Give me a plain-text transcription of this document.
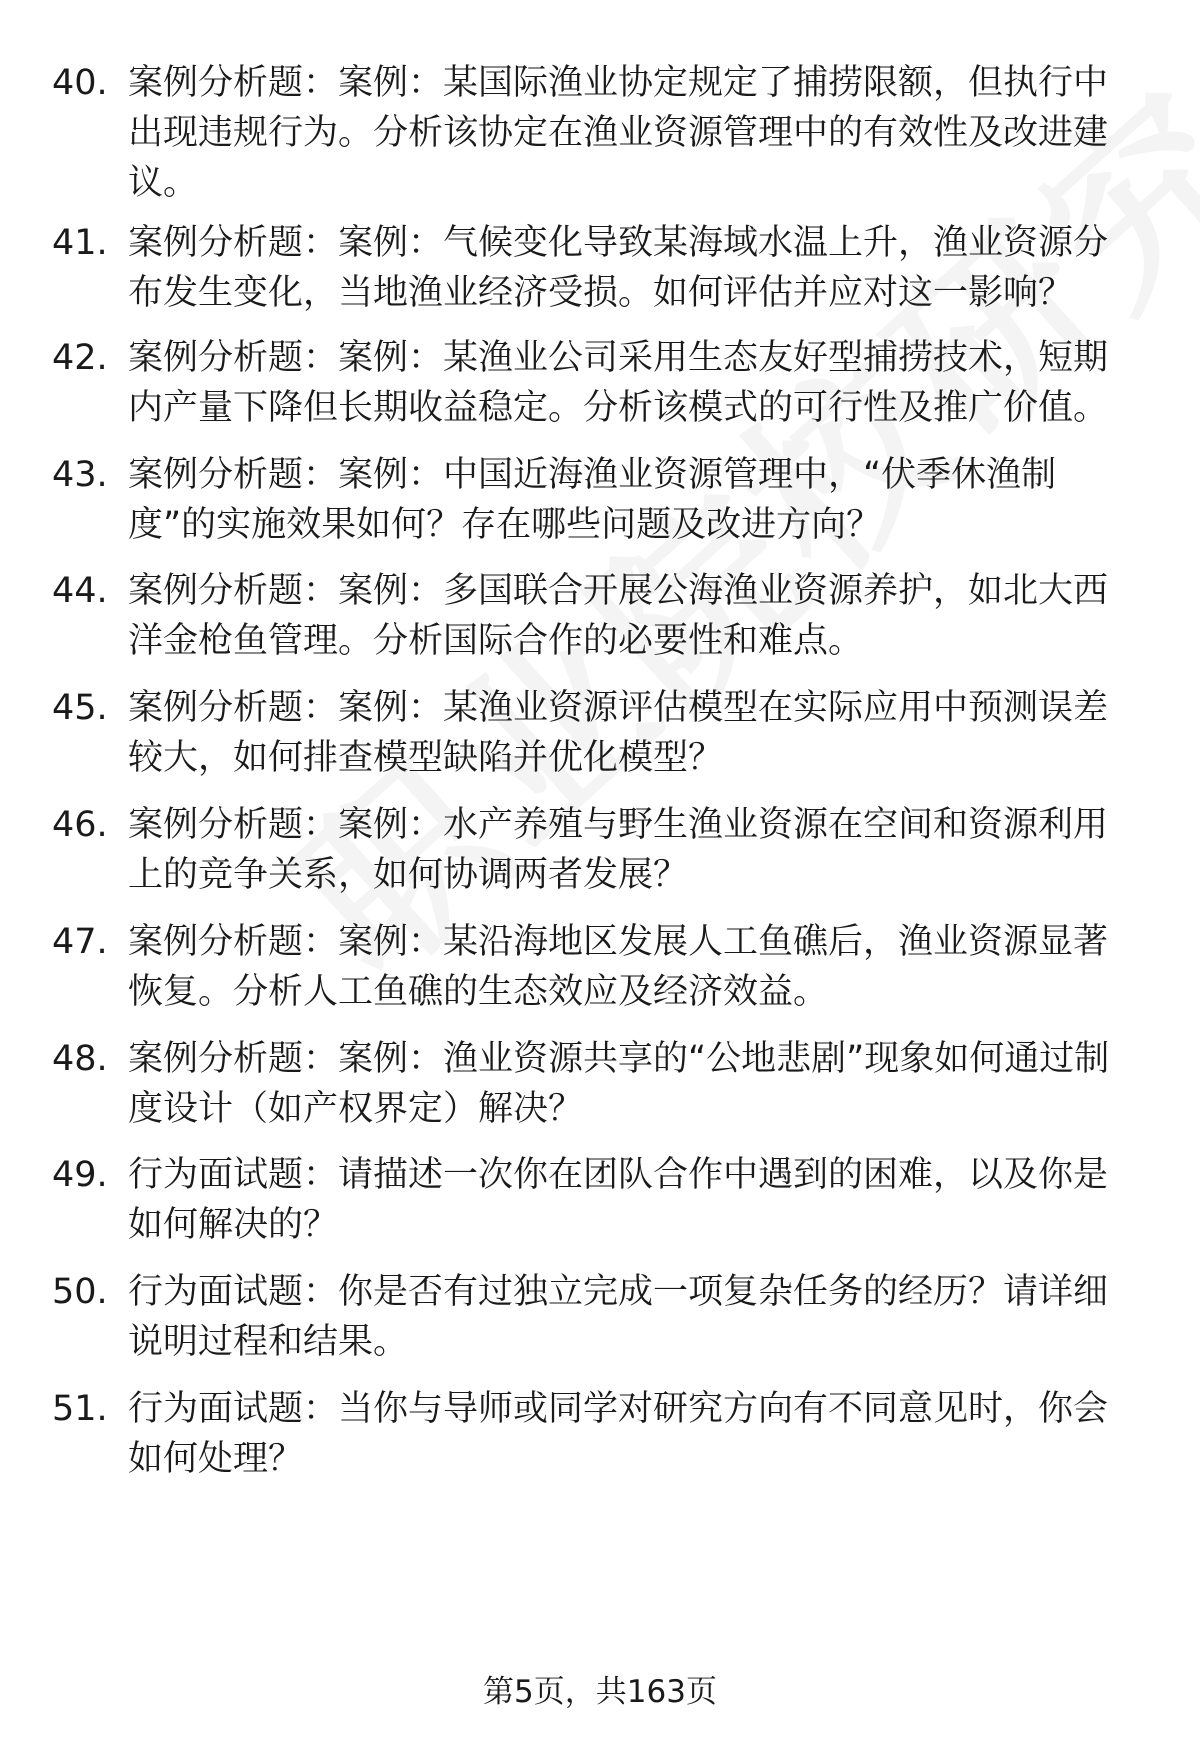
40. 案例分析题：案例：某国际渔业协定规定了捕捞限额，但执行中出现违规行为。分析该协定在渔业资源管理中的有效性及改进建议。
41. 案例分析题：案例：气候变化导致某海域水温上升，渔业资源分布发生变化，当地渔业经济受损。如何评估并应对这一影响？
42. 案例分析题：案例：某渔业公司采用生态友好型捕捞技术，短期内产量下降但长期收益稳定。分析该模式的可行性及推广价值。
43. 案例分析题：案例：中国近海渔业资源管理中，“伏季休渔制度”的实施效果如何？存在哪些问题及改进方向？
44. 案例分析题：案例：多国联合开展公海渔业资源养护，如北大西洋金枪鱼管理。分析国际合作的必要性和难点。
45. 案例分析题：案例：某渔业资源评估模型在实际应用中预测误差较大，如何排查模型缺陷并优化模型？
46. 案例分析题：案例：水产养殖与野生渔业资源在空间和资源利用上的竞争关系，如何协调两者发展？
47. 案例分析题：案例：某沿海地区发展人工鱼礁后，渔业资源显著恢复。分析人工鱼礁的生态效应及经济效益。
48. 案例分析题：案例：渔业资源共享的“公地悲剧”现象如何通过制度设计（如产权界定）解决？
49. 行为面试题：请描述一次你在团队合作中遇到的困难，以及你是如何解决的？
50. 行为面试题：你是否有过独立完成一项复杂任务的经历？请详细说明过程和结果。
51. 行为面试题：当你与导师或同学对研究方向有不同意见时，你会如何处理？
第5页，共163页
